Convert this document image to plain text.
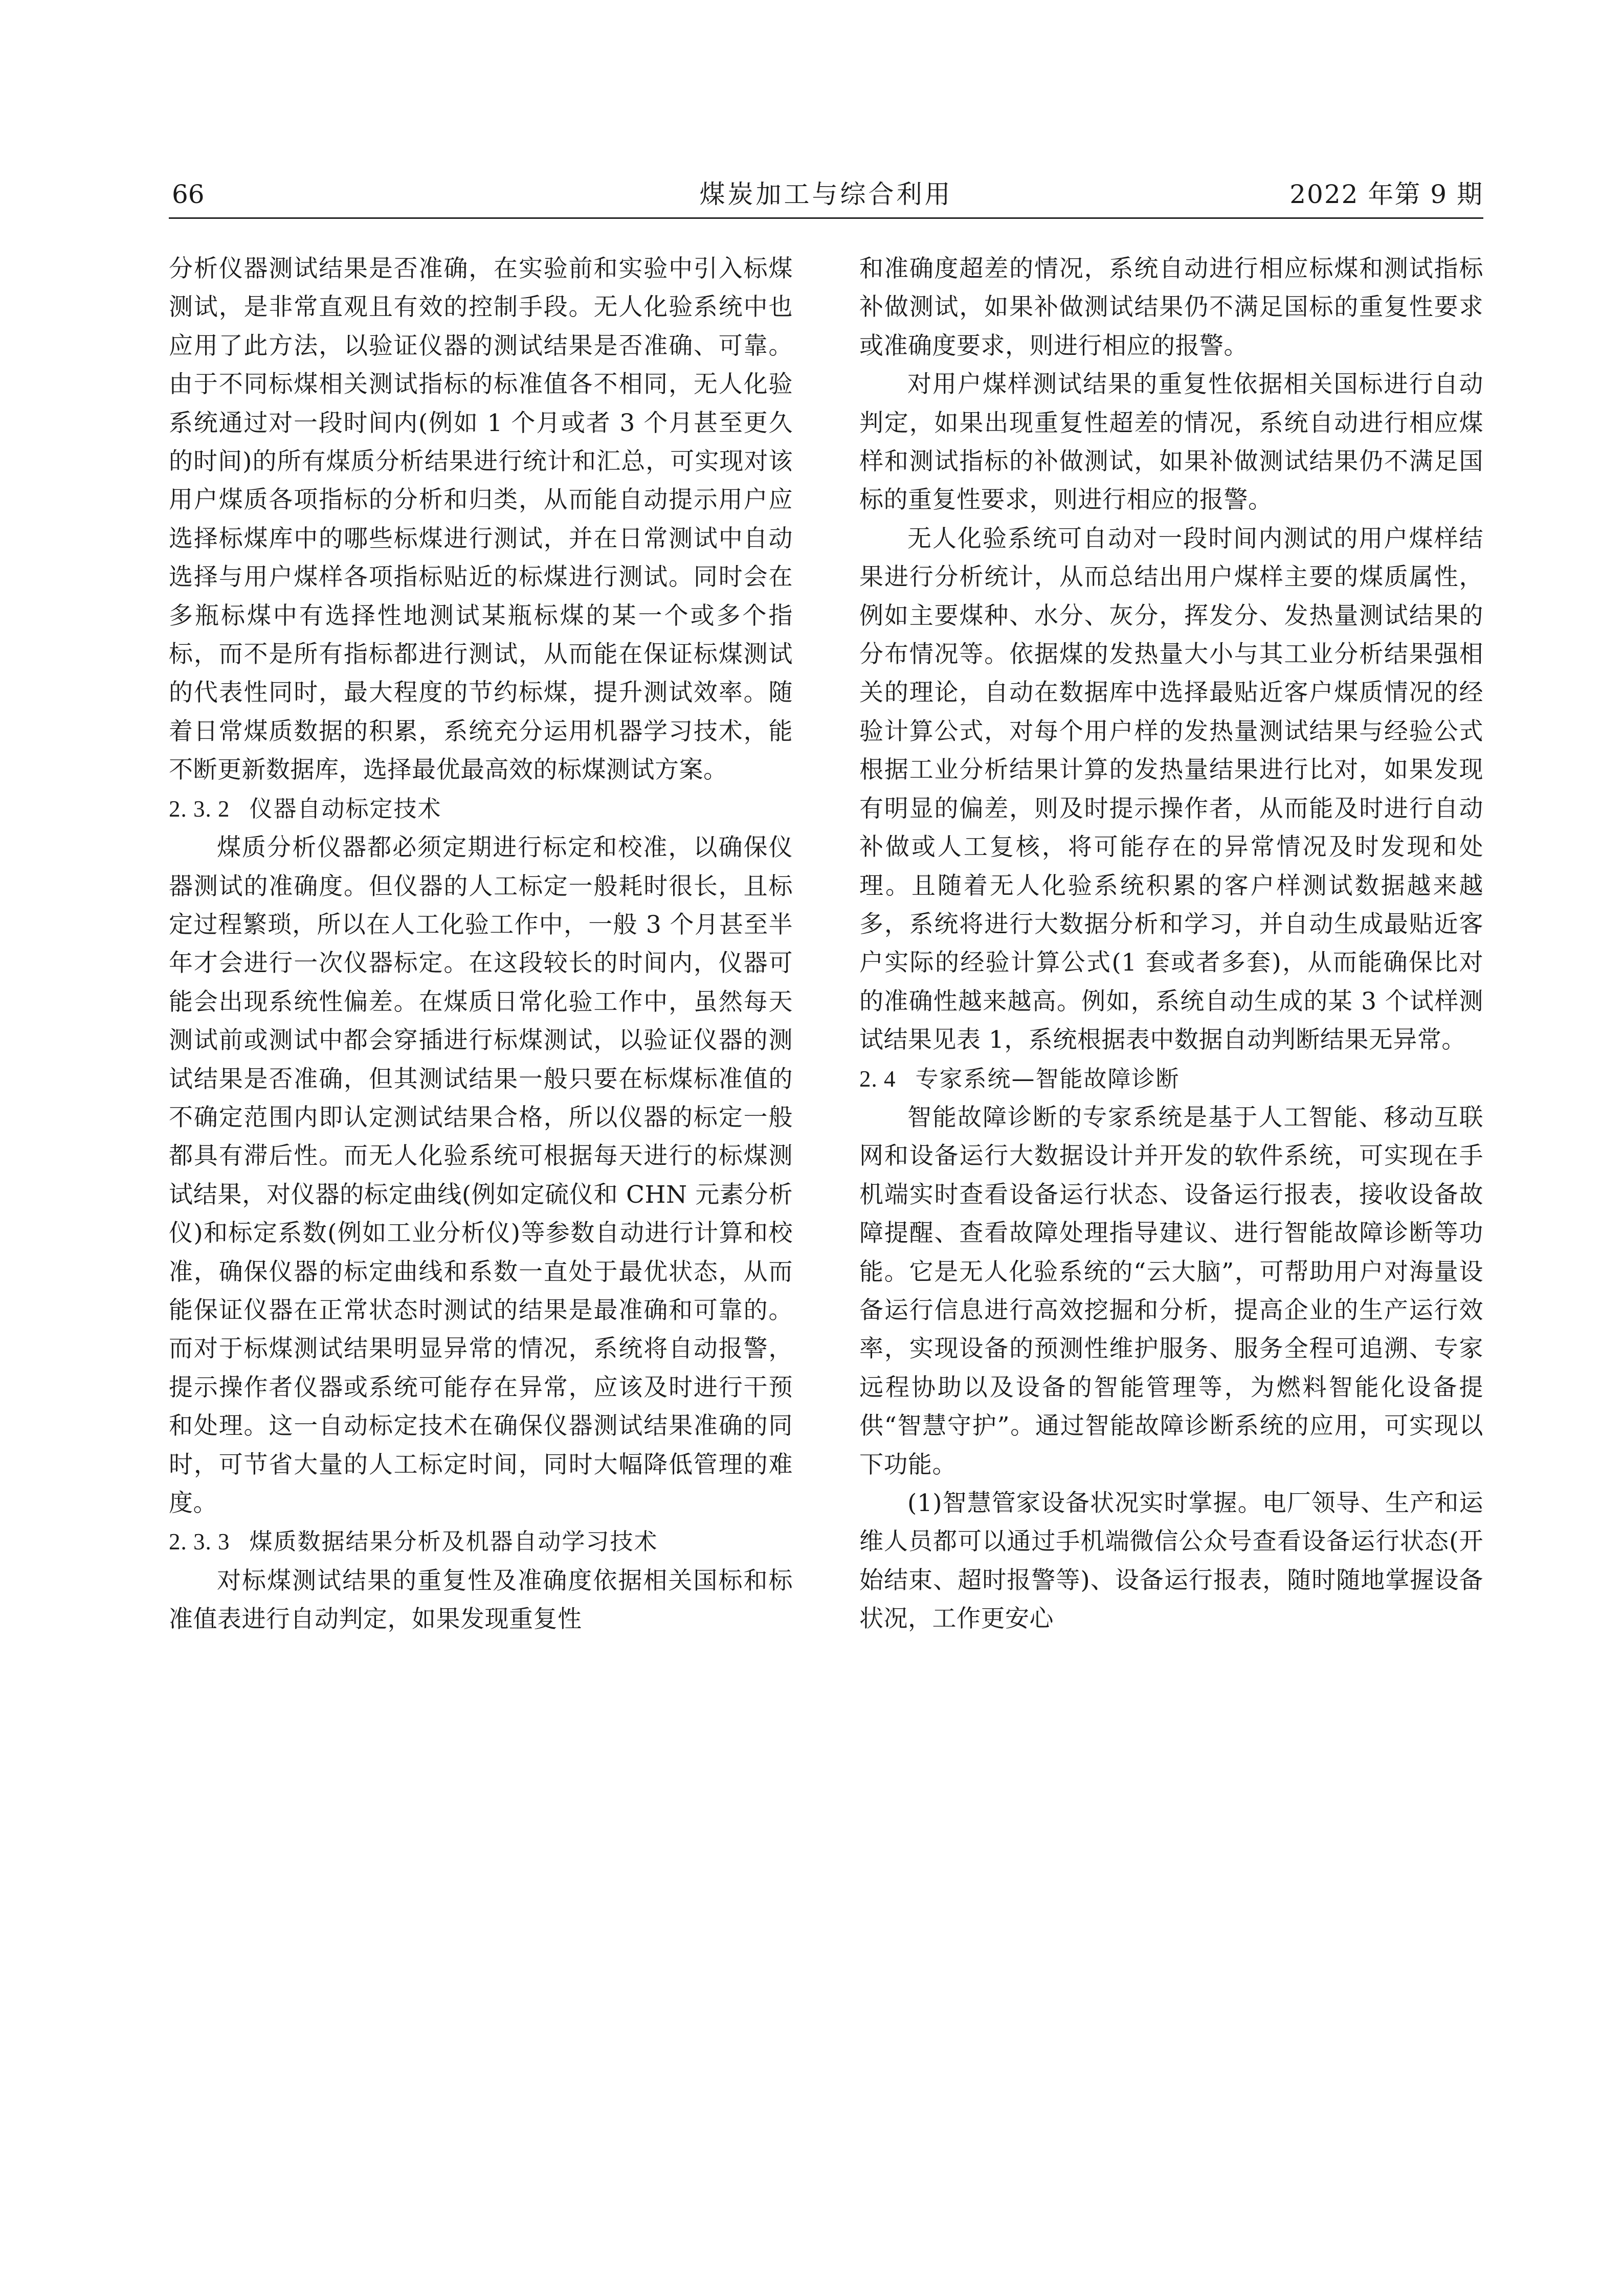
66	煤炭加工与综合利用	2022 年第 9 期

分析仪器测试结果是否准确，在实验前和实验中引入标煤测试，是非常直观且有效的控制手段。无人化验系统中也应用了此方法，以验证仪器的测试结果是否准确、可靠。由于不同标煤相关测试指标的标准值各不相同，无人化验系统通过对一段时间内(例如 1 个月或者 3 个月甚至更久的时间)的所有煤质分析结果进行统计和汇总，可实现对该用户煤质各项指标的分析和归类，从而能自动提示用户应选择标煤库中的哪些标煤进行测试，并在日常测试中自动选择与用户煤样各项指标贴近的标煤进行测试。同时会在多瓶标煤中有选择性地测试某瓶标煤的某一个或多个指标，而不是所有指标都进行测试，从而能在保证标煤测试的代表性同时，最大程度的节约标煤，提升测试效率。随着日常煤质数据的积累，系统充分运用机器学习技术，能不断更新数据库，选择最优最高效的标煤测试方案。

2. 3. 2 仪器自动标定技术

煤质分析仪器都必须定期进行标定和校准，以确保仪器测试的准确度。但仪器的人工标定一般耗时很长，且标定过程繁琐，所以在人工化验工作中，一般 3 个月甚至半年才会进行一次仪器标定。在这段较长的时间内，仪器可能会出现系统性偏差。在煤质日常化验工作中，虽然每天测试前或测试中都会穿插进行标煤测试，以验证仪器的测试结果是否准确，但其测试结果一般只要在标煤标准值的不确定范围内即认定测试结果合格，所以仪器的标定一般都具有滞后性。而无人化验系统可根据每天进行的标煤测试结果，对仪器的标定曲线(例如定硫仪和 CHN 元素分析仪)和标定系数(例如工业分析仪)等参数自动进行计算和校准，确保仪器的标定曲线和系数一直处于最优状态，从而能保证仪器在正常状态时测试的结果是最准确和可靠的。而对于标煤测试结果明显异常的情况，系统将自动报警，提示操作者仪器或系统可能存在异常，应该及时进行干预和处理。这一自动标定技术在确保仪器测试结果准确的同时，可节省大量的人工标定时间，同时大幅降低管理的难度。

2. 3. 3 煤质数据结果分析及机器自动学习技术

对标煤测试结果的重复性及准确度依据相关国标和标准值表进行自动判定，如果发现重复性

和准确度超差的情况，系统自动进行相应标煤和测试指标补做测试，如果补做测试结果仍不满足国标的重复性要求或准确度要求，则进行相应的报警。

对用户煤样测试结果的重复性依据相关国标进行自动判定，如果出现重复性超差的情况，系统自动进行相应煤样和测试指标的补做测试，如果补做测试结果仍不满足国标的重复性要求，则进行相应的报警。

无人化验系统可自动对一段时间内测试的用户煤样结果进行分析统计，从而总结出用户煤样主要的煤质属性，例如主要煤种、水分、灰分，挥发分、发热量测试结果的分布情况等。依据煤的发热量大小与其工业分析结果强相关的理论，自动在数据库中选择最贴近客户煤质情况的经验计算公式，对每个用户样的发热量测试结果与经验公式根据工业分析结果计算的发热量结果进行比对，如果发现有明显的偏差，则及时提示操作者，从而能及时进行自动补做或人工复核，将可能存在的异常情况及时发现和处理。且随着无人化验系统积累的客户样测试数据越来越多，系统将进行大数据分析和学习，并自动生成最贴近客户实际的经验计算公式(1 套或者多套)，从而能确保比对的准确性越来越高。例如，系统自动生成的某 3 个试样测试结果见表 1，系统根据表中数据自动判断结果无异常。

2. 4 专家系统—智能故障诊断

智能故障诊断的专家系统是基于人工智能、移动互联网和设备运行大数据设计并开发的软件系统，可实现在手机端实时查看设备运行状态、设备运行报表，接收设备故障提醒、查看故障处理指导建议、进行智能故障诊断等功能。它是无人化验系统的“云大脑”，可帮助用户对海量设备运行信息进行高效挖掘和分析，提高企业的生产运行效率，实现设备的预测性维护服务、服务全程可追溯、专家远程协助以及设备的智能管理等，为燃料智能化设备提供“智慧守护”。通过智能故障诊断系统的应用，可实现以下功能。

(1)智慧管家设备状况实时掌握。电厂领导、生产和运维人员都可以通过手机端微信公众号查看设备运行状态(开始结束、超时报警等)、设备运行报表，随时随地掌握设备状况，工作更安心
